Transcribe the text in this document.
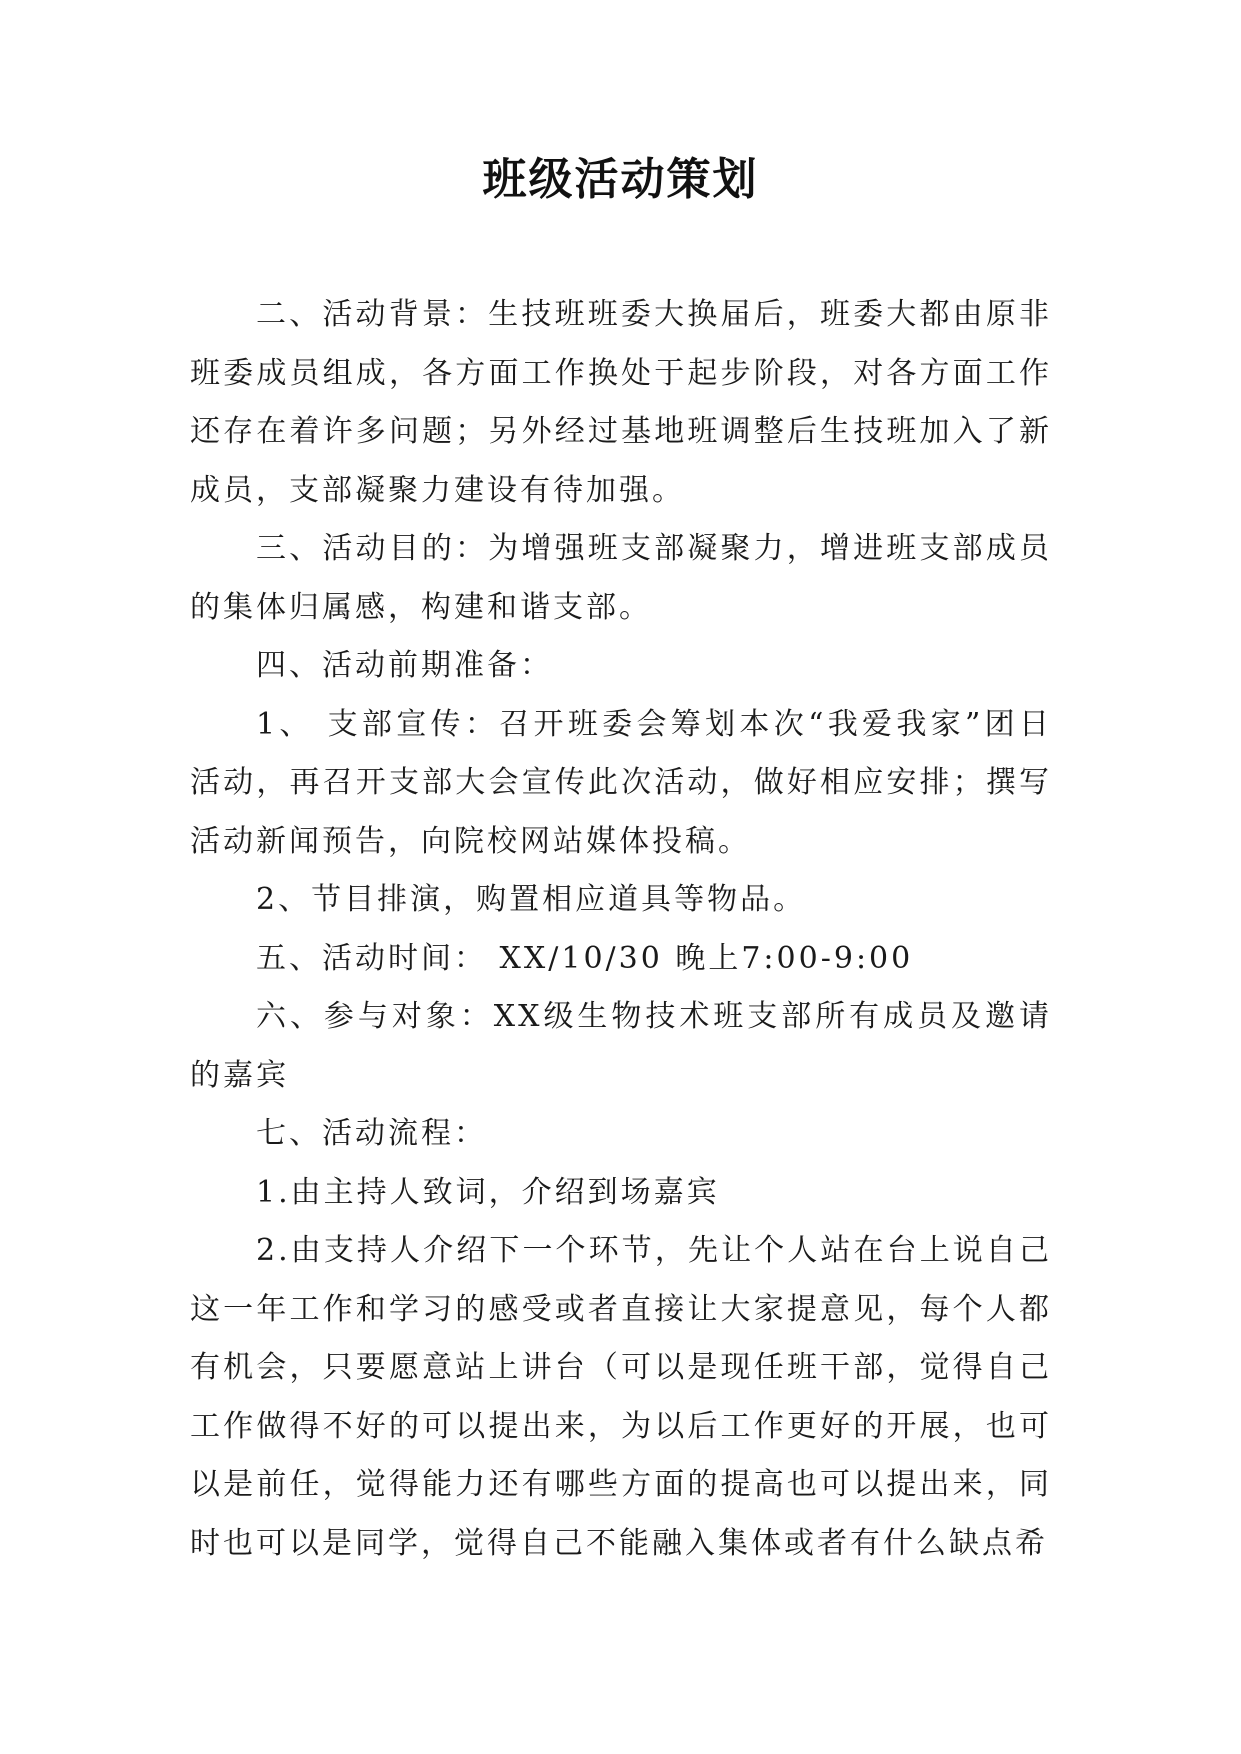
班级活动策划

二、活动背景：生技班班委大换届后，班委大都由原非班委成员组成，各方面工作换处于起步阶段，对各方面工作还存在着许多问题；另外经过基地班调整后生技班加入了新成员，支部凝聚力建设有待加强。

三、活动目的：为增强班支部凝聚力，增进班支部成员的集体归属感，构建和谐支部。

四、活动前期准备：

1、 支部宣传：召开班委会筹划本次“我爱我家”团日活动，再召开支部大会宣传此次活动，做好相应安排；撰写活动新闻预告，向院校网站媒体投稿。

2、节目排演，购置相应道具等物品。

五、活动时间： XX/10/30 晚上7:00-9:00

六、参与对象：XX级生物技术班支部所有成员及邀请的嘉宾

七、活动流程：

1.由主持人致词，介绍到场嘉宾

2.由支持人介绍下一个环节，先让个人站在台上说自己这一年工作和学习的感受或者直接让大家提意见，每个人都有机会，只要愿意站上讲台（可以是现任班干部，觉得自己工作做得不好的可以提出来，为以后工作更好的开展，也可以是前任，觉得能力还有哪些方面的提高也可以提出来，同时也可以是同学，觉得自己不能融入集体或者有什么缺点希
